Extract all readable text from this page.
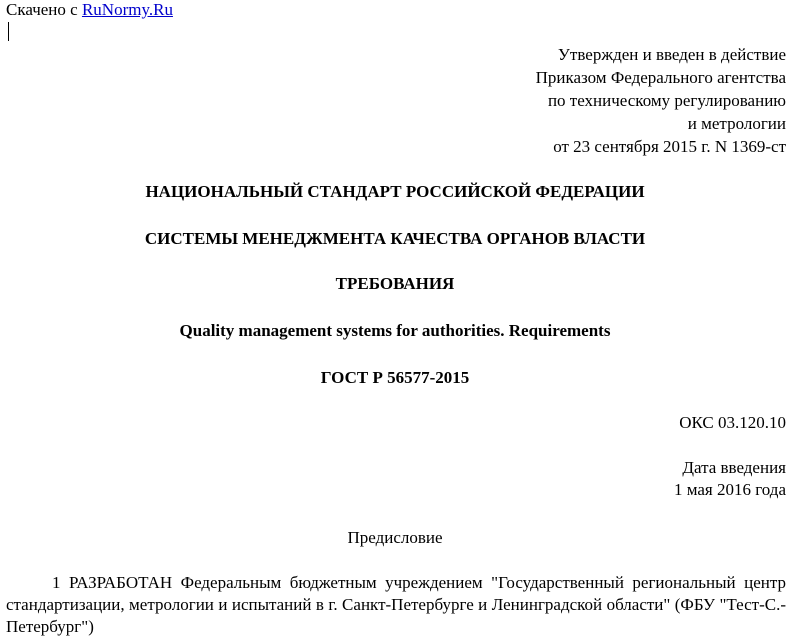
Скачено с RuNormy.Ru
Утвержден и введен в действие
Приказом Федерального агентства
по техническому регулированию
и метрологии
от 23 сентября 2015 г. N 1369-ст
НАЦИОНАЛЬНЫЙ СТАНДАРТ РОССИЙСКОЙ ФЕДЕРАЦИИ
СИСТЕМЫ МЕНЕДЖМЕНТА КАЧЕСТВА ОРГАНОВ ВЛАСТИ
ТРЕБОВАНИЯ
Quality management systems for authorities. Requirements
ГОСТ Р 56577-2015
ОКС 03.120.10
Дата введения
1 мая 2016 года
Предисловие

1 РАЗРАБОТАН Федеральным бюджетным учреждением "Государственный региональный центр стандартизации, метрологии и испытаний в г. Санкт-Петербурге и Ленинградской области" (ФБУ "Тест-С.-Петербург")
